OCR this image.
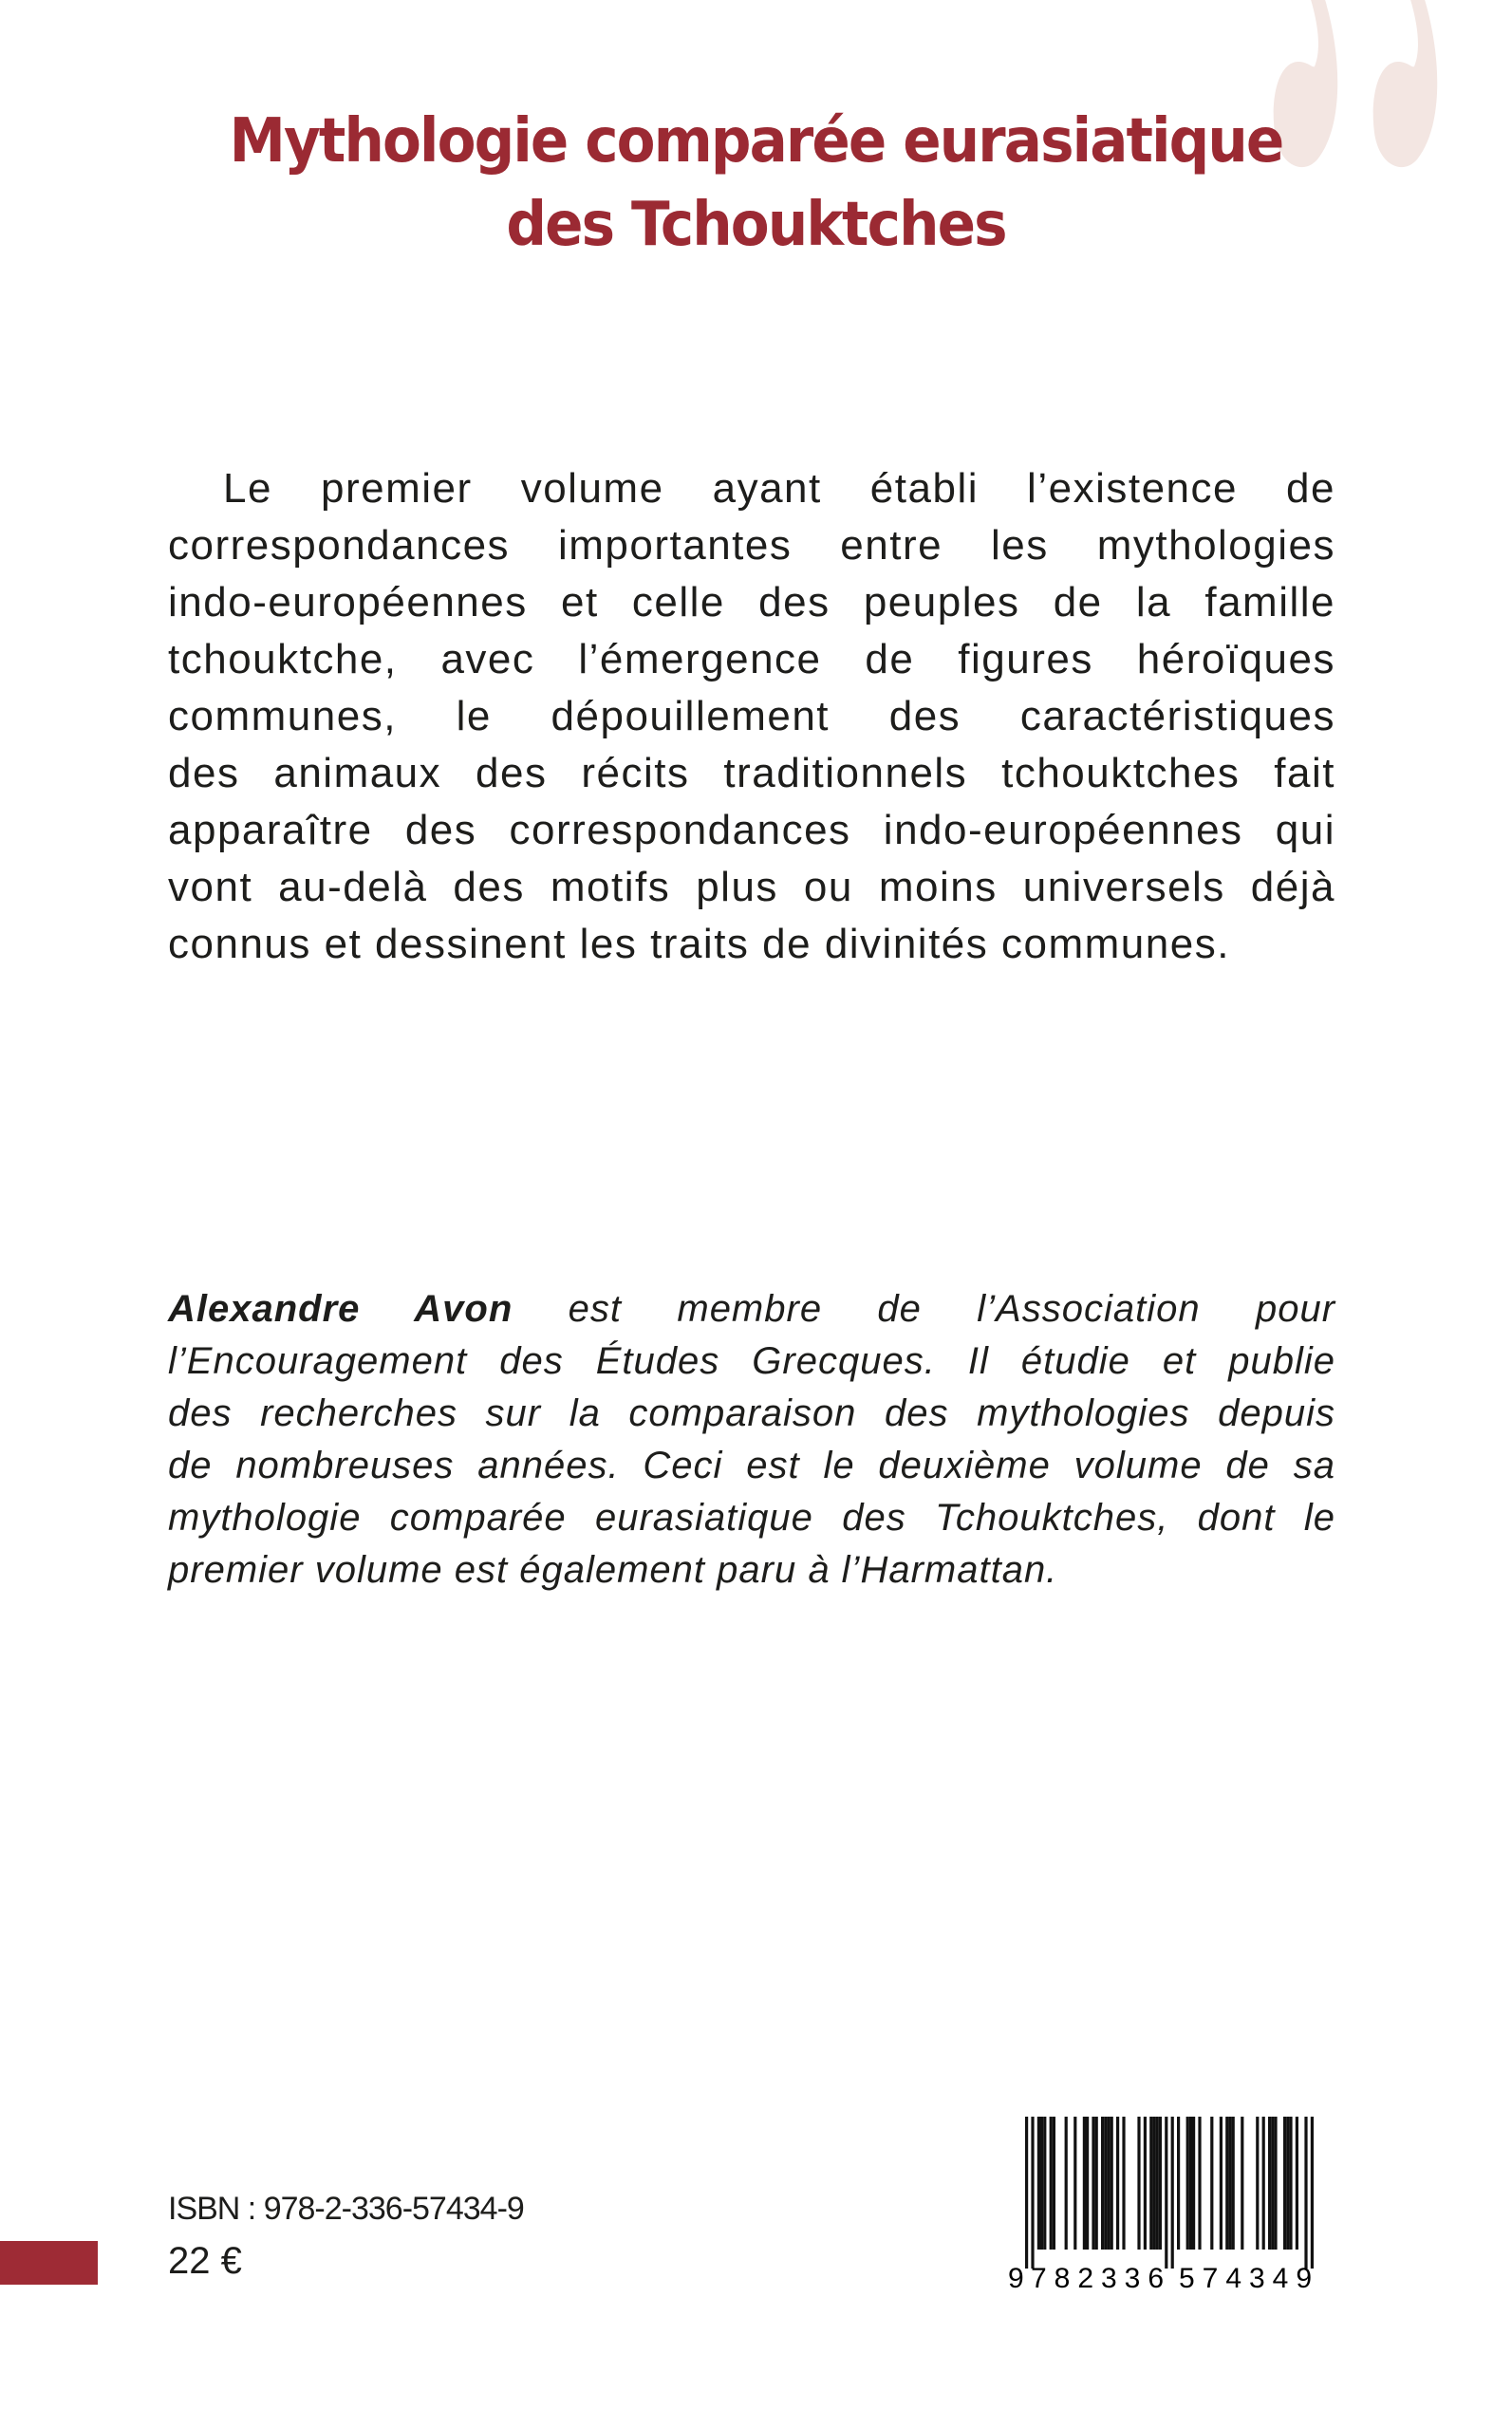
Mythologie comparée eurasiatique
des Tchouktches
Le premier volume ayant établi l’existence de
correspondances importantes entre les mythologies
indo-européennes et celle des peuples de la famille
tchouktche, avec l’émergence de figures héroïques
communes, le dépouillement des caractéristiques
des animaux des récits traditionnels tchouktches fait
apparaître des correspondances indo-européennes qui
vont au-delà des motifs plus ou moins universels déjà
connus et dessinent les traits de divinités communes.
Alexandre Avon est membre de l’Association pour
l’Encouragement des Études Grecques. Il étudie et publie
des recherches sur la comparaison des mythologies depuis
de nombreuses années. Ceci est le deuxième volume de sa
mythologie comparée eurasiatique des Tchouktches, dont le
premier volume est également paru à l’Harmattan.
ISBN : 978-2-336-57434-9
22 €	9 782336 574349
